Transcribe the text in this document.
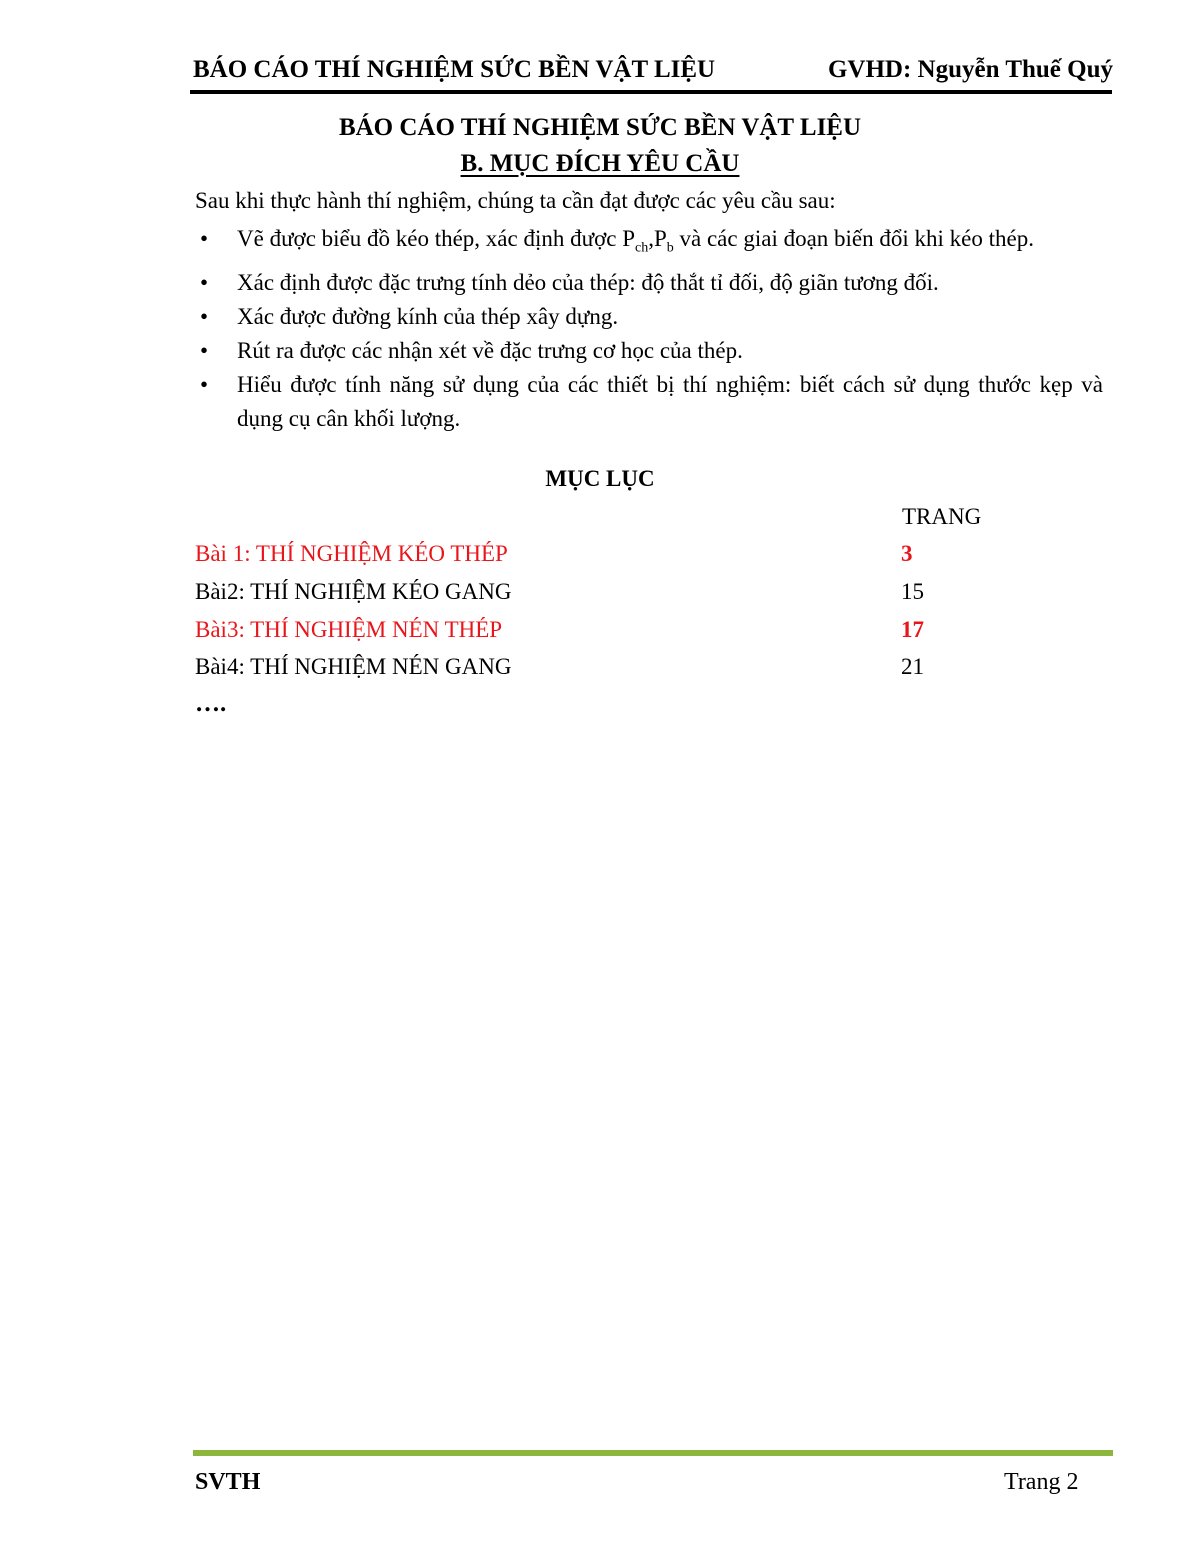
BÁO CÁO THÍ NGHIỆM SỨC BỀN VẬT LIỆU	GVHD: Nguyễn Thuế Quý
BÁO CÁO THÍ NGHIỆM SỨC BỀN VẬT LIỆU
B. MỤC ĐÍCH YÊU CẦU
Sau khi thực hành thí nghiệm, chúng ta cần đạt được các yêu cầu sau:
• Vẽ được biểu đồ kéo thép, xác định được $P_{ch},P_b$ và các giai đoạn biến đổi khi kéo thép.
• Xác định được đặc trưng tính dẻo của thép: độ thắt tỉ đối, độ giãn tương đối.
• Xác được đường kính của thép xây dựng.
• Rút ra được các nhận xét về đặc trưng cơ học của thép.
• Hiểu được tính năng sử dụng của các thiết bị thí nghiệm: biết cách sử dụng thước kẹp và dụng cụ cân khối lượng.
MỤC LỤC
TRANG
Bài 1: THÍ NGHIỆM KÉO THÉP	3
Bài2: THÍ NGHIỆM KÉO GANG	15
Bài3: THÍ NGHIỆM NÉN THÉP	17
Bài4: THÍ NGHIỆM NÉN GANG	21
….
SVTH	Trang 2
